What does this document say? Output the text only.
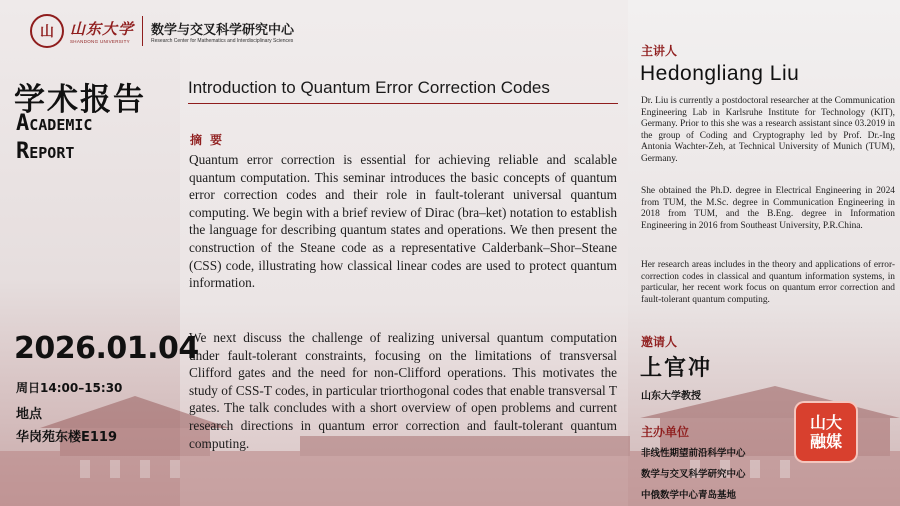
山 山东大学
SHANDONG UNIVERSITY
数学与交叉科学研究中心
Research Center for Mathematics and Interdisciplinary Sciences
学术报告
Academic
Report
Introduction to Quantum Error Correction Codes
摘要

Quantum error correction is essential for achieving reliable and scalable quantum computation. This seminar introduces the basic concepts of quantum error correction codes and their role in fault-tolerant universal quantum computing. We begin with a brief review of Dirac (bra–ket) notation to establish the language for describing quantum states and operations. We then present the construction of the Steane code as a representative Calderbank–Shor–Steane (CSS) code, illustrating how classical linear codes are used to protect quantum information.

We next discuss the challenge of realizing universal quantum computation under fault-tolerant constraints, focusing on the limitations of transversal Clifford gates and the need for non-Clifford operations. This motivates the study of CSS-T codes, in particular triorthogonal codes that enable transversal T gates. The talk concludes with a short overview of open problems and current research directions in quantum error correction and fault-tolerant quantum computing.

2026.01.04
周日14:00–15:30
地点
华岗苑东楼E119
主讲人
Hedongliang Liu

Dr. Liu is currently a postdoctoral researcher at the Communication Engineering Lab in Karlsruhe Institute for Technology (KIT), Germany. Prior to this she was a research assistant since 03.2019 in the group of Coding and Cryptography led by Prof. Dr.-Ing Antonia Wachter-Zeh, at Technical University of Munich (TUM), Germany.

She obtained the Ph.D. degree in Electrical Engineering in 2024 from TUM, the M.Sc. degree in Communication Engineering in 2018 from TUM, and the B.Eng. degree in Information Engineering in 2016 from Southeast University, P.R.China.

Her research areas includes in the theory and applications of error-correction codes in classical and quantum information systems, in particular, her recent work focus on quantum error correction and fault-tolerant quantum computing.

邀请人
上官冲
山东大学教授
主办单位
非线性期望前沿科学中心
数学与交叉科学研究中心
中俄数学中心青岛基地
山大
融媒
